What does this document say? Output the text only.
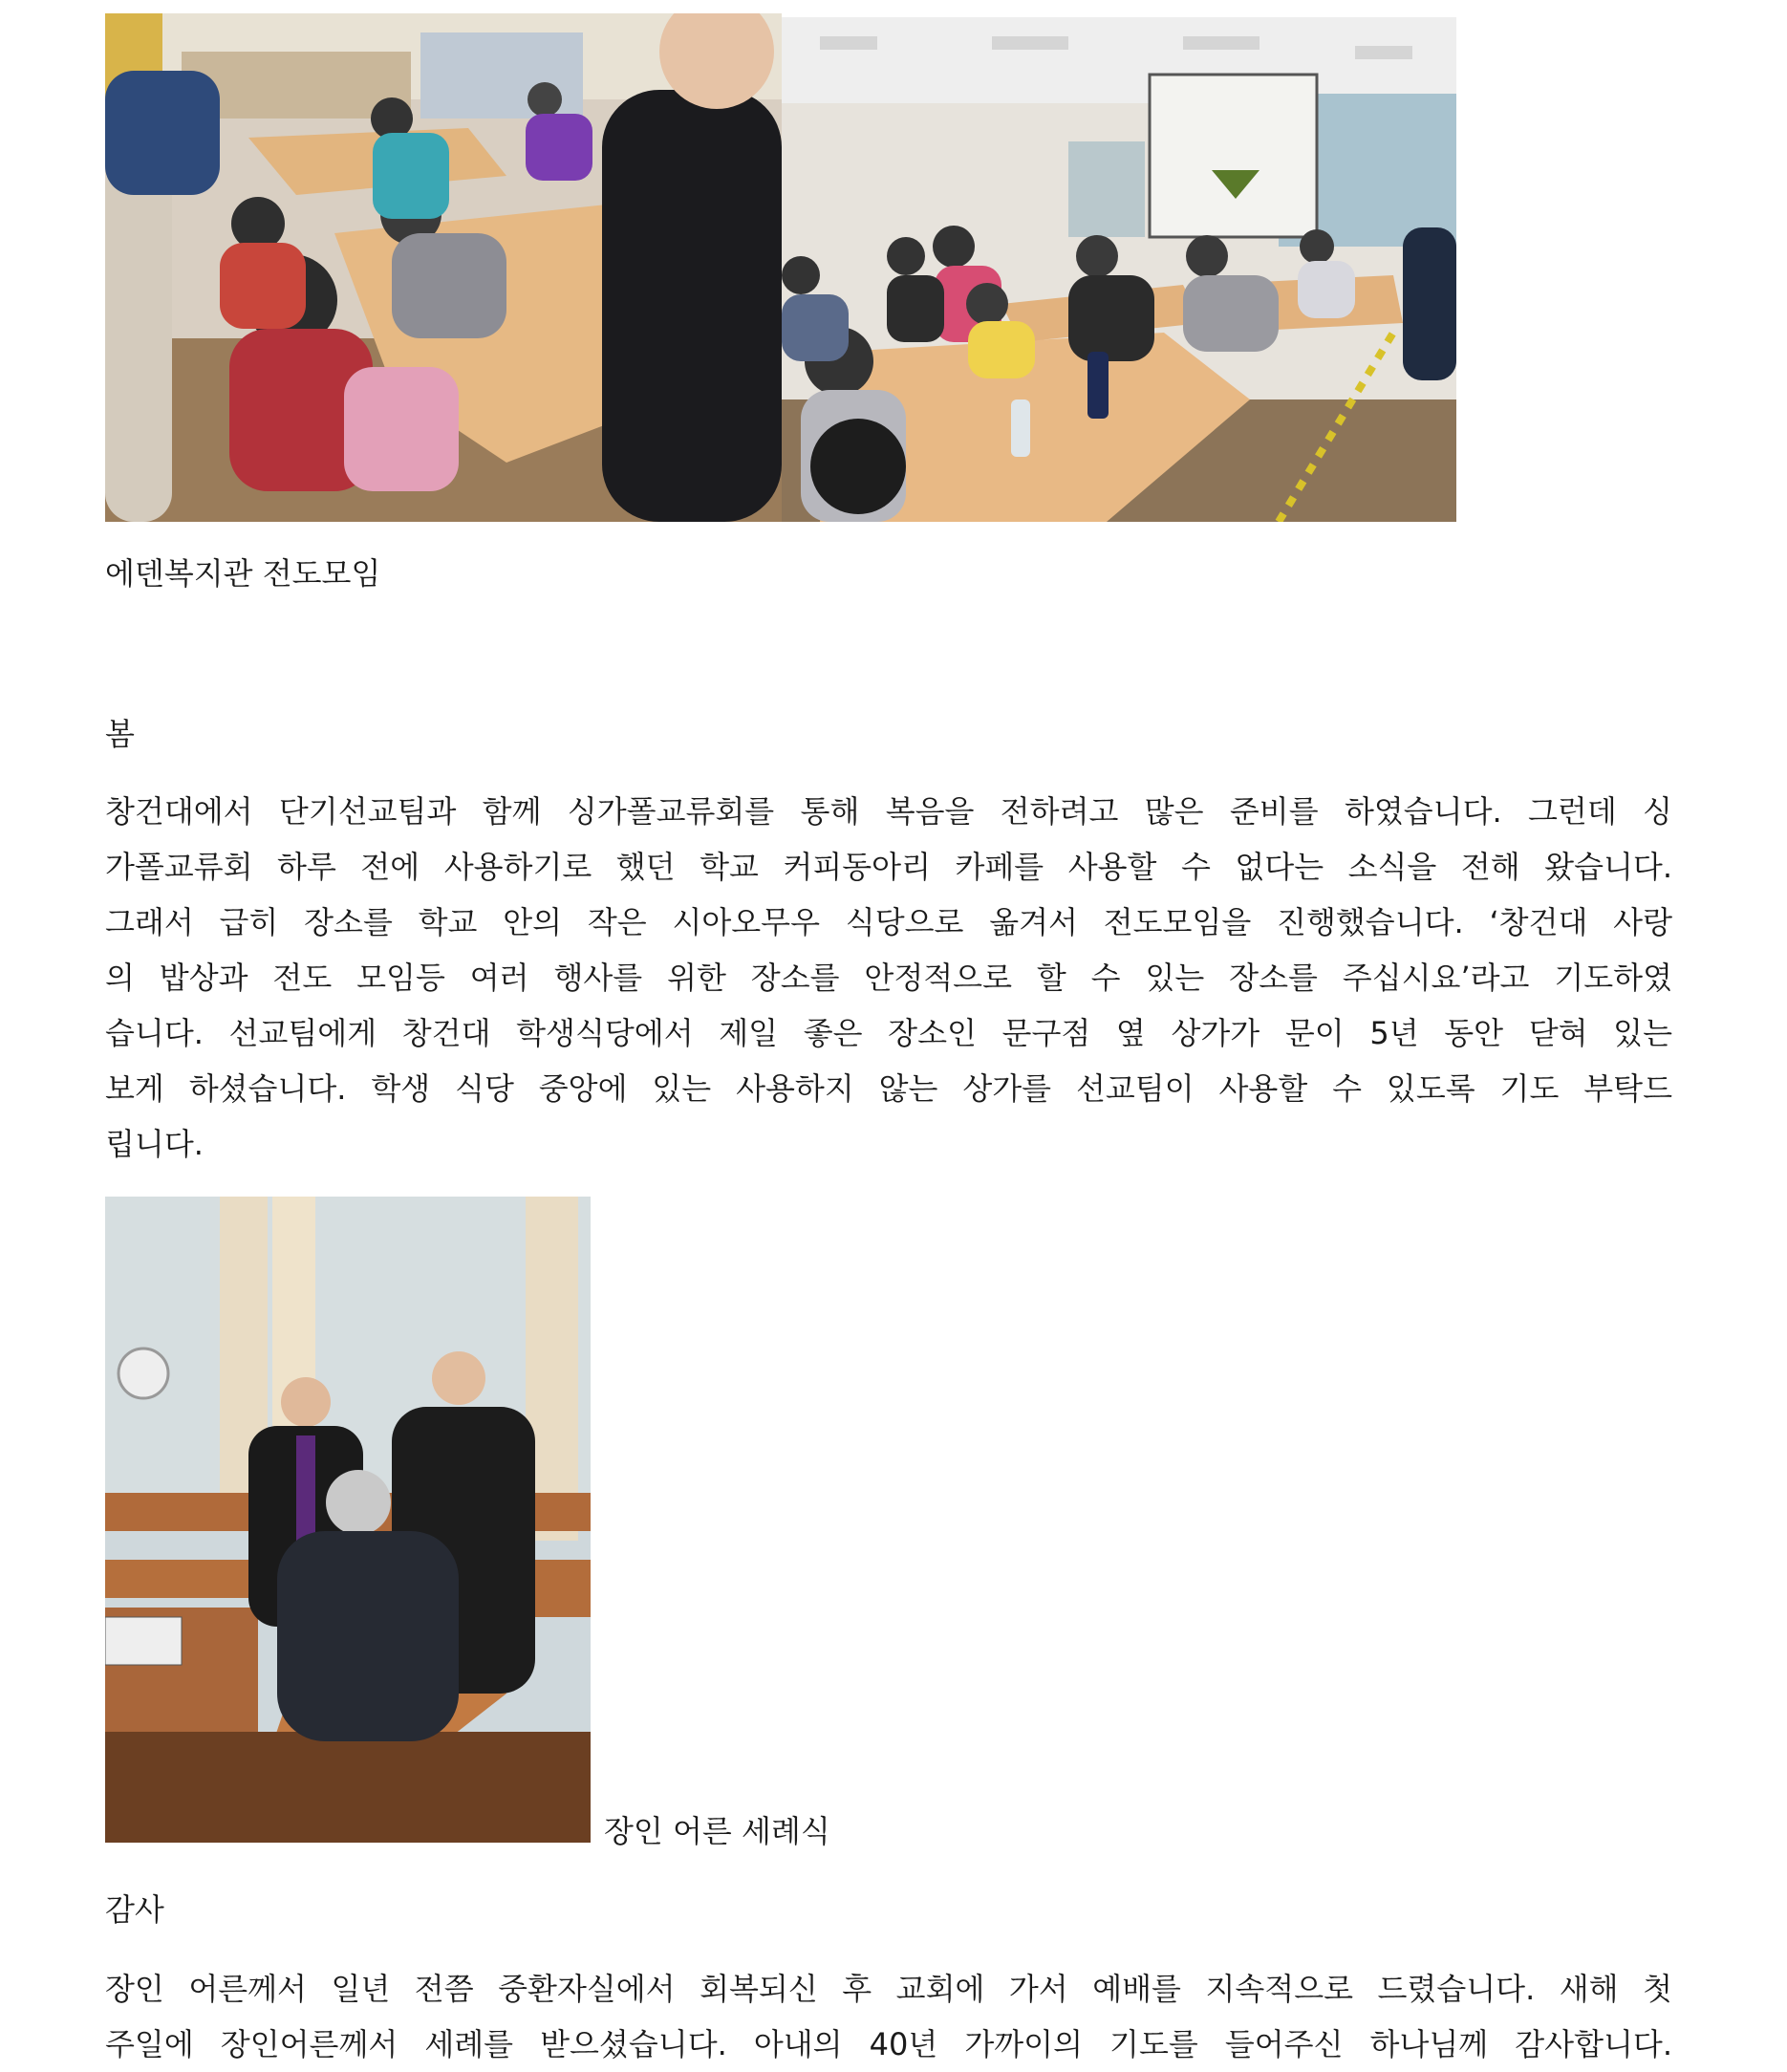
에덴복지관 전도모임
봄
창건대에서 단기선교팀과 함께 싱가폴교류회를 통해 복음을 전하려고 많은 준비를 하였습니다. 그런데 싱
가폴교류회 하루 전에 사용하기로 했던 학교 커피동아리 카페를 사용할 수 없다는 소식을 전해 왔습니다.
그래서 급히 장소를 학교 안의 작은 시아오무우 식당으로 옮겨서 전도모임을 진행했습니다. ‘창건대 사랑
의 밥상과 전도 모임등 여러 행사를 위한 장소를 안정적으로 할 수 있는 장소를 주십시요’라고 기도하였
습니다. 선교팀에게 창건대 학생식당에서 제일 좋은 장소인 문구점 옆 상가가 문이 5년 동안 닫혀 있는
보게 하셨습니다. 학생 식당 중앙에 있는 사용하지 않는 상가를 선교팀이 사용할 수 있도록 기도 부탁드
립니다.
장인 어른 세례식
감사
장인 어른께서 일년 전쯤 중환자실에서 회복되신 후 교회에 가서 예배를 지속적으로 드렸습니다. 새해 첫
주일에 장인어른께서 세례를 받으셨습니다. 아내의 40년 가까이의 기도를 들어주신 하나님께 감사합니다.
